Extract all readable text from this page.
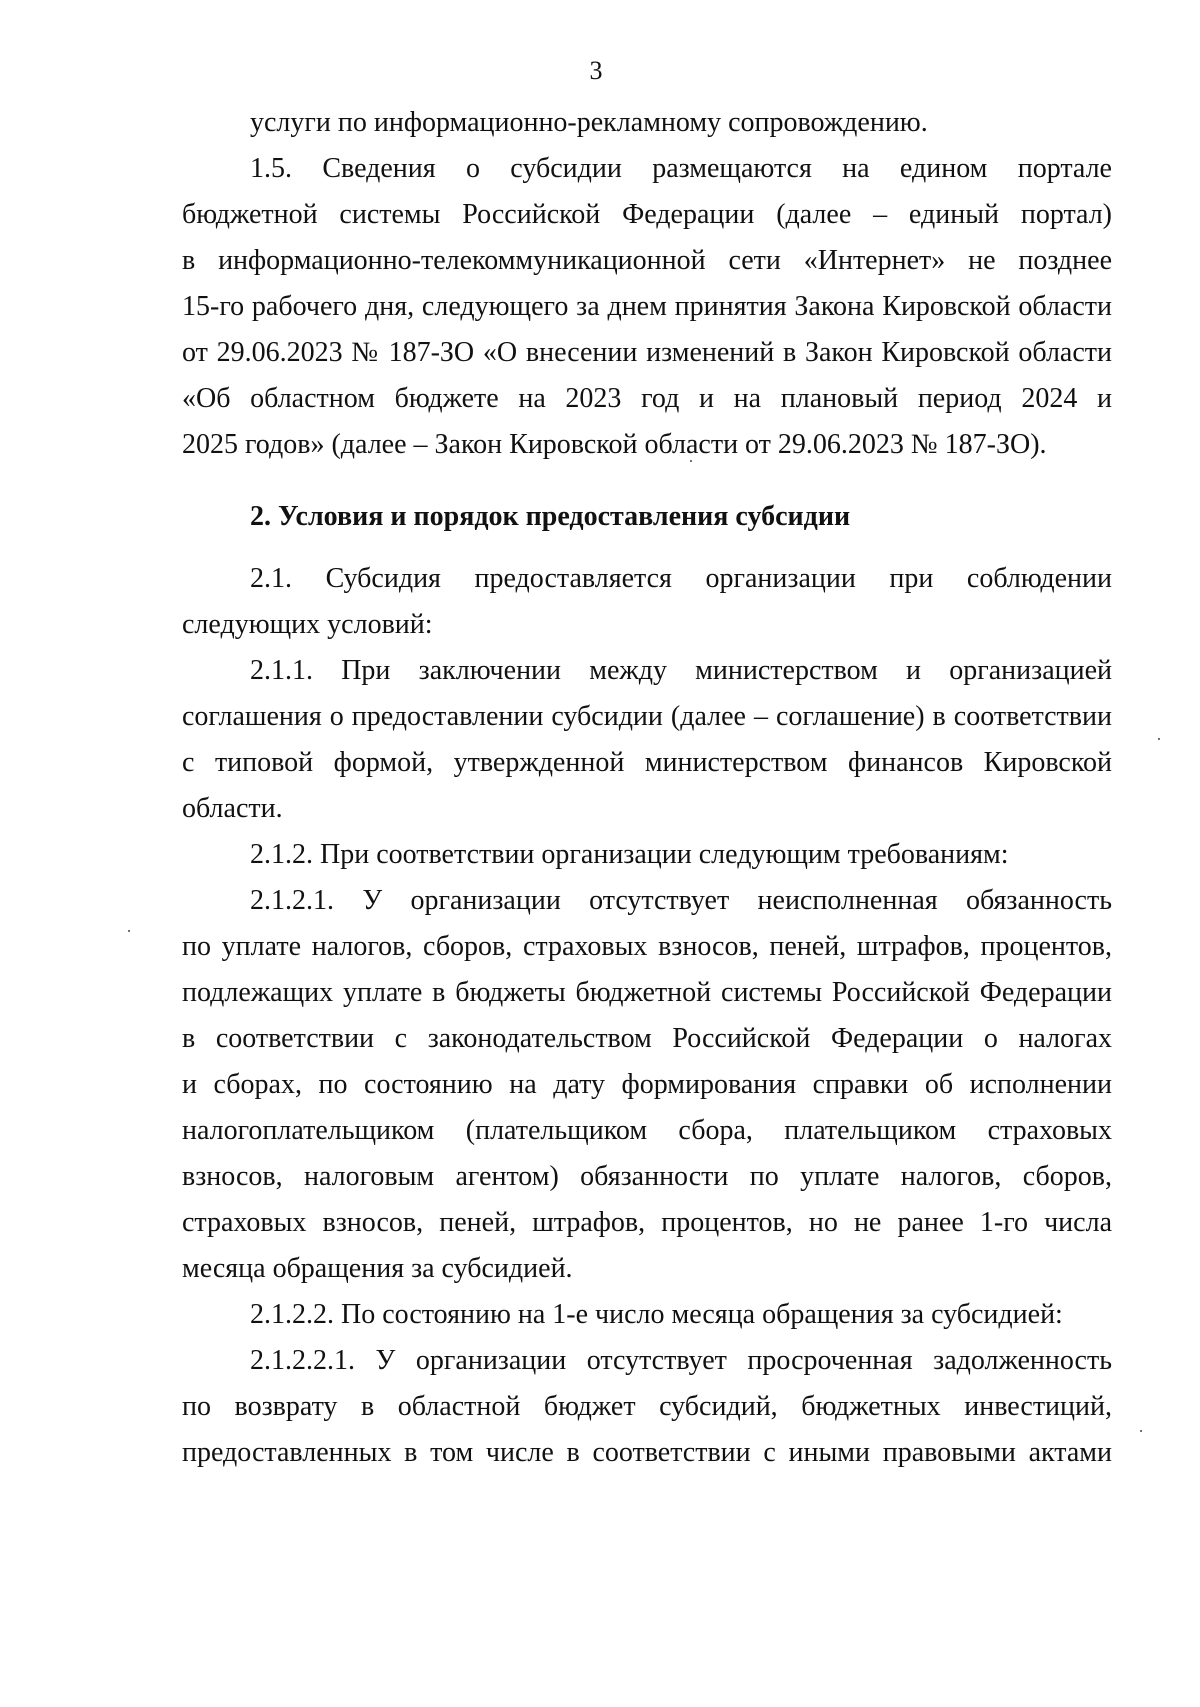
3
услуги по информационно-рекламному сопровождению.
1.5. Сведения о субсидии размещаются на едином портале
бюджетной системы Российской Федерации (далее – единый портал)
в информационно-телекоммуникационной сети «Интернет» не позднее
15-го рабочего дня, следующего за днем принятия Закона Кировской области
от 29.06.2023 № 187-ЗО «О внесении изменений в Закон Кировской области
«Об областном бюджете на 2023 год и на плановый период 2024 и
2025 годов» (далее – Закон Кировской области от 29.06.2023 № 187-ЗО).
2. Условия и порядок предоставления субсидии
2.1. Субсидия предоставляется организации при соблюдении
следующих условий:
2.1.1. При заключении между министерством и организацией
соглашения о предоставлении субсидии (далее – соглашение) в соответствии
с типовой формой, утвержденной министерством финансов Кировской
области.
2.1.2. При соответствии организации следующим требованиям:
2.1.2.1. У организации отсутствует неисполненная обязанность
по уплате налогов, сборов, страховых взносов, пеней, штрафов, процентов,
подлежащих уплате в бюджеты бюджетной системы Российской Федерации
в соответствии с законодательством Российской Федерации о налогах
и сборах, по состоянию на дату формирования справки об исполнении
налогоплательщиком (плательщиком сбора, плательщиком страховых
взносов, налоговым агентом) обязанности по уплате налогов, сборов,
страховых взносов, пеней, штрафов, процентов, но не ранее 1-го числа
месяца обращения за субсидией.
2.1.2.2. По состоянию на 1-е число месяца обращения за субсидией:
2.1.2.2.1. У организации отсутствует просроченная задолженность
по возврату в областной бюджет субсидий, бюджетных инвестиций,
предоставленных в том числе в соответствии с иными правовыми актами
